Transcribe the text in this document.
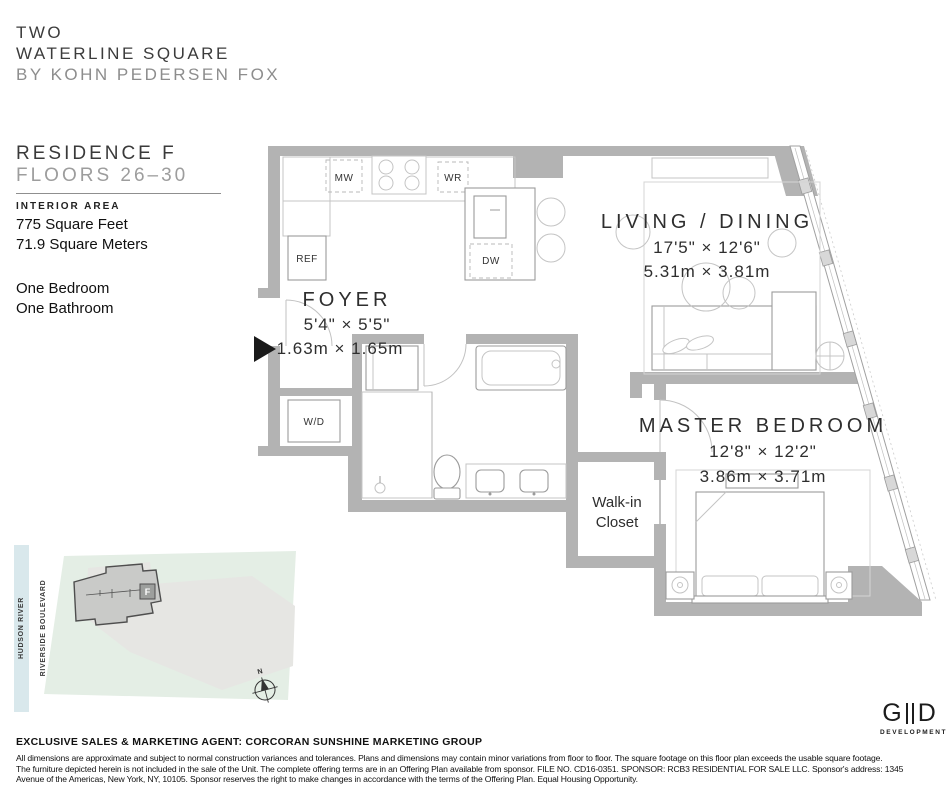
TWO
WATERLINE SQUARE
BY KOHN PEDERSEN FOX
RESIDENCE F
FLOORS 26–30
INTERIOR AREA
775 Square Feet
71.9 Square Meters
One Bedroom
One Bathroom
HUDSON RIVER RIVERSIDE BOULEVARD	F
N
MW	WR
REF	DW
W/D
LIVING / DINING
17'5" × 12'6"
5.31m × 3.81m
FOYER
5'4" × 5'5"
1.63m × 1.65m
MASTER BEDROOM
12'8" × 12'2"
3.86m × 3.71m
Walk-in
Closet
EXCLUSIVE SALES & MARKETING AGENT: CORCORAN SUNSHINE MARKETING GROUP
All dimensions are approximate and subject to normal construction variances and tolerances. Plans and dimensions may contain minor variations from floor to floor. The square footage on this floor plan exceeds the usable square footage.
The furniture depicted herein is not included in the sale of the Unit. The complete offering terms are in an Offering Plan available from sponsor. FILE NO. CD16-0351. SPONSOR: RCB3 RESIDENTIAL FOR SALE LLC. Sponsor's address: 1345
Avenue of the Americas, New York, NY, 10105. Sponsor reserves the right to make changes in accordance with the terms of the Offering Plan. Equal Housing Opportunity.
G D
DEVELOPMENT
